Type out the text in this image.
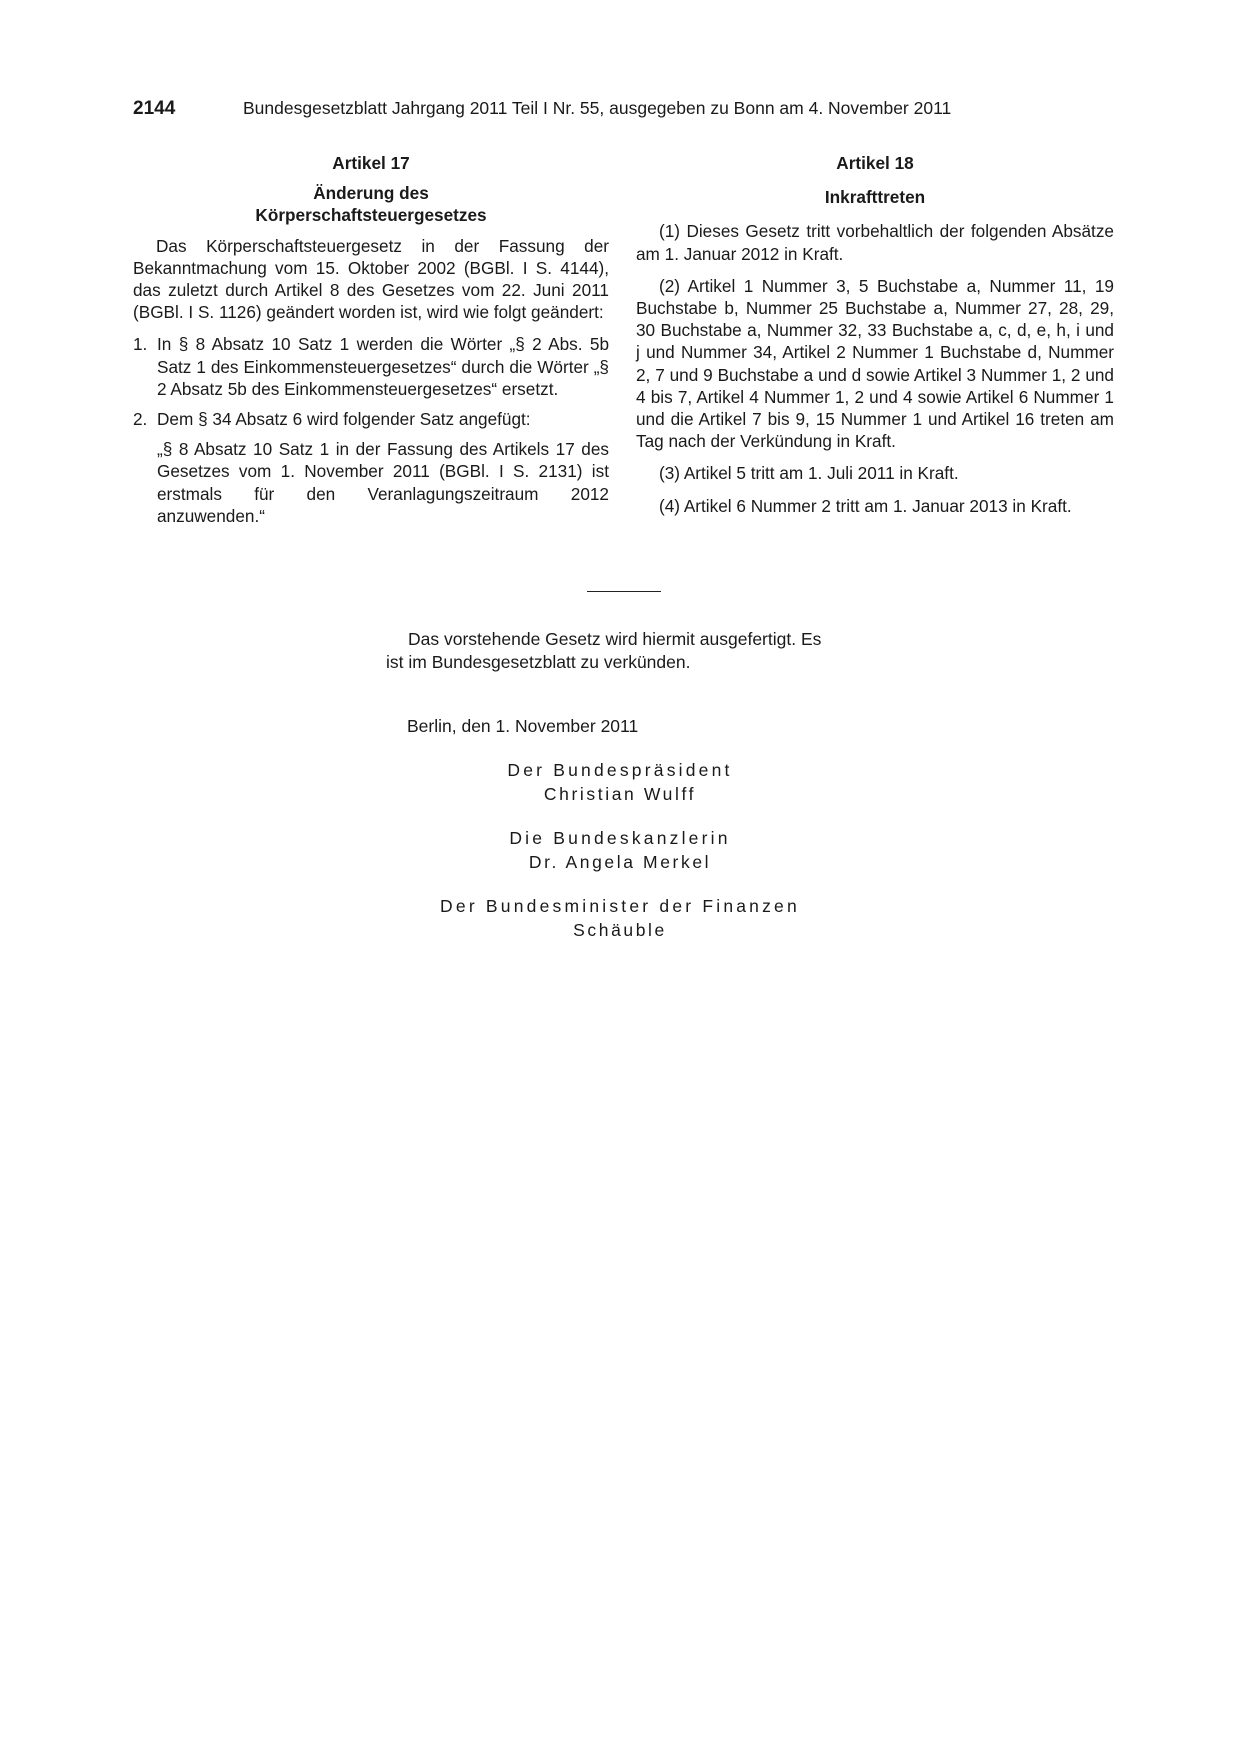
2144	Bundesgesetzblatt Jahrgang 2011 Teil I Nr. 55, ausgegeben zu Bonn am 4. November 2011

Artikel 17

Änderung des

Körperschaftsteuergesetzes

Das Körperschaftsteuergesetz in der Fassung der Bekanntmachung vom 15. Oktober 2002 (BGBl. I S. 4144), das zuletzt durch Artikel 8 des Gesetzes vom 22. Juni 2011 (BGBl. I S. 1126) geändert worden ist, wird wie folgt geändert:

1. In § 8 Absatz 10 Satz 1 werden die Wörter „§ 2 Abs. 5b Satz 1 des Einkommensteuergesetzes“ durch die Wörter „§ 2 Absatz 5b des Einkommensteuergesetzes“ ersetzt.
2. Dem § 34 Absatz 6 wird folgender Satz angefügt:

„§ 8 Absatz 10 Satz 1 in der Fassung des Artikels 17 des Gesetzes vom 1. November 2011 (BGBl. I S. 2131) ist erstmals für den Veranlagungszeitraum 2012 anzuwenden.“

Artikel 18

Inkrafttreten

(1) Dieses Gesetz tritt vorbehaltlich der folgenden Absätze am 1. Januar 2012 in Kraft.

(2) Artikel 1 Nummer 3, 5 Buchstabe a, Nummer 11, 19 Buchstabe b, Nummer 25 Buchstabe a, Nummer 27, 28, 29, 30 Buchstabe a, Nummer 32, 33 Buchstabe a, c, d, e, h, i und j und Nummer 34, Artikel 2 Nummer 1 Buchstabe d, Nummer 2, 7 und 9 Buchstabe a und d sowie Artikel 3 Nummer 1, 2 und 4 bis 7, Artikel 4 Nummer 1, 2 und 4 sowie Artikel 6 Nummer 1 und die Artikel 7 bis 9, 15 Nummer 1 und Artikel 16 treten am Tag nach der Verkündung in Kraft.

(3) Artikel 5 tritt am 1. Juli 2011 in Kraft.

(4) Artikel 6 Nummer 2 tritt am 1. Januar 2013 in Kraft.

Das vorstehende Gesetz wird hiermit ausgefertigt. Es
ist im Bundesgesetzblatt zu verkünden.
Berlin, den 1. November 2011
Der Bundespräsident
Christian Wulff
Die Bundeskanzlerin
Dr. Angela Merkel
Der Bundesminister der Finanzen
Schäuble
